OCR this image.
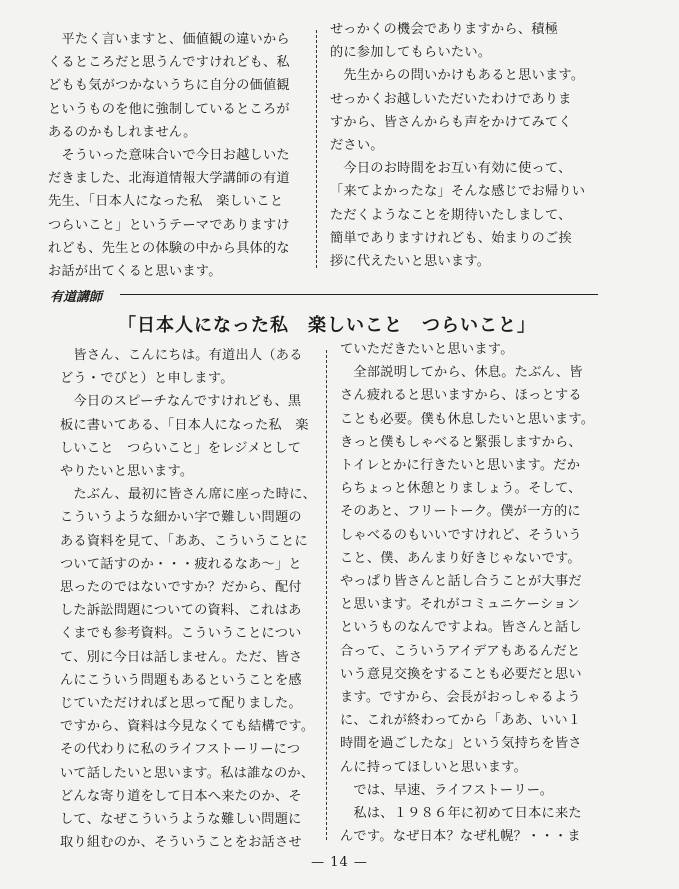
　平たく言いますと、価値観の違いから

くるところだと思うんですけれども、私

どもも気がつかないうちに自分の価値観

というものを他に強制しているところが

あるのかもしれません。

　そういった意味合いで今日お越しいた

だきました、北海道情報大学講師の有道

先生、「日本人になった私　楽しいこと

つらいこと」というテーマでありますけ

れども、先生との体験の中から具体的な

お話が出てくると思います。

せっかくの機会でありますから、積極

的に参加してもらいたい。

　先生からの問いかけもあると思います。

せっかくお越しいただいたわけでありま

すから、皆さんからも声をかけてみてく

ださい。

　今日のお時間をお互い有効に使って、

「来てよかったな」そんな感じでお帰りい

ただくようなことを期待いたしまして、

簡単でありますけれども、始まりのご挨

拶に代えたいと思います。

有道講師
「日本人になった私　楽しいこと　つらいこと」

　皆さん、こんにちは。有道出人（ある

どう・でびと）と申します。

　今日のスピーチなんですけれども、黒

板に書いてある、「日本人になった私　楽

しいこと　つらいこと」をレジメとして

やりたいと思います。

　たぶん、最初に皆さん席に座った時に、

こういうような細かい字で難しい問題の

ある資料を見て、「ああ、こういうことに

ついて話すのか・・・疲れるなあ～」と

思ったのではないですか？だから、配付

した訴訟問題についての資料、これはあ

くまでも参考資料。こういうことについ

て、別に今日は話しません。ただ、皆さ

んにこういう問題もあるということを感

じていただければと思って配りました。

ですから、資料は今見なくても結構です。

その代わりに私のライフストーリーにつ

いて話したいと思います。私は誰なのか、

どんな寄り道をして日本へ来たのか、そ

して、なぜこういうような難しい問題に

取り組むのか、そういうことをお話させ

ていただきたいと思います。

　全部説明してから、休息。たぶん、皆

さん疲れると思いますから、ほっとする

ことも必要。僕も休息したいと思います。

きっと僕もしゃべると緊張しますから、

トイレとかに行きたいと思います。だか

らちょっと休憩とりましょう。そして、

そのあと、フリートーク。僕が一方的に

しゃべるのもいいですけれど、そういう

こと、僕、あんまり好きじゃないです。

やっぱり皆さんと話し合うことが大事だ

と思います。それがコミュニケーション

というものなんですよね。皆さんと話し

合って、こういうアイデアもあるんだと

いう意見交換をすることも必要だと思い

ます。ですから、会長がおっしゃるよう

に、これが終わってから「ああ、いい１

時間を過ごしたな」という気持ちを皆さ

んに持ってほしいと思います。

　では、早速、ライフストーリー。

　私は、１９８６年に初めて日本に来た

んです。なぜ日本？なぜ札幌？・・・ま

— 14 —
